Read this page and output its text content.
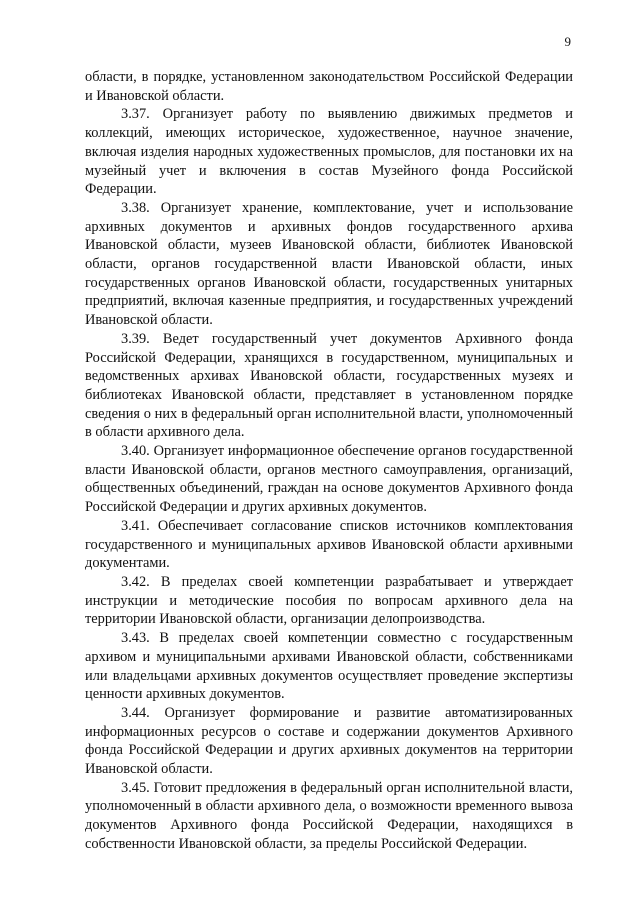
9

области, в порядке, установленном законодательством Российской Федерации и Ивановской области.

3.37. Организует работу по выявлению движимых предметов и коллекций, имеющих историческое, художественное, научное значение, включая изделия народных художественных промыслов, для постановки их на музейный учет и включения в состав Музейного фонда Российской Федерации.

3.38. Организует хранение, комплектование, учет и использование архивных документов и архивных фондов государственного архива Ивановской области, музеев Ивановской области, библиотек Ивановской области, органов государственной власти Ивановской области, иных государственных органов Ивановской области, государственных унитарных предприятий, включая казенные предприятия, и государственных учреждений Ивановской области.

3.39. Ведет государственный учет документов Архивного фонда Российской Федерации, хранящихся в государственном, муниципальных и ведомственных архивах Ивановской области, государственных музеях и библиотеках Ивановской области, представляет в установленном порядке сведения о них в федеральный орган исполнительной власти, уполномоченный в области архивного дела.

3.40. Организует информационное обеспечение органов государственной власти Ивановской области, органов местного самоуправления, организаций, общественных объединений, граждан на основе документов Архивного фонда Российской Федерации и других архивных документов.

3.41. Обеспечивает согласование списков источников комплектования государственного и муниципальных архивов Ивановской области архивными документами.

3.42. В пределах своей компетенции разрабатывает и утверждает инструкции и методические пособия по вопросам архивного дела на территории Ивановской области, организации делопроизводства.

3.43. В пределах своей компетенции совместно с государственным архивом и муниципальными архивами Ивановской области, собственниками или владельцами архивных документов осуществляет проведение экспертизы ценности архивных документов.

3.44. Организует формирование и развитие автоматизированных информационных ресурсов о составе и содержании документов Архивного фонда Российской Федерации и других архивных документов на территории Ивановской области.

3.45. Готовит предложения в федеральный орган исполнительной власти, уполномоченный в области архивного дела, о возможности временного вывоза документов Архивного фонда Российской Федерации, находящихся в собственности Ивановской области, за пределы Российской Федерации.
